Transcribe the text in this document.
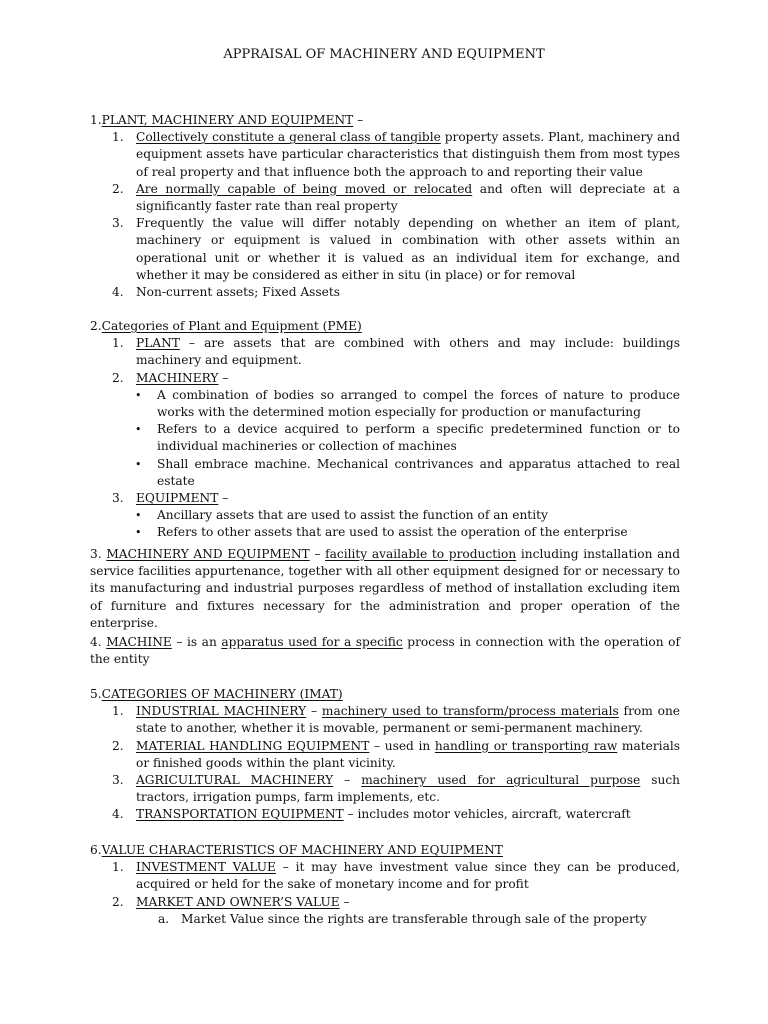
APPRAISAL OF MACHINERY AND EQUIPMENT

1.PLANT, MACHINERY AND EQUIPMENT –

1. Collectively constitute a general class of tangible property assets. Plant, machinery and equipment assets have particular characteristics that distinguish them from most types of real property and that influence both the approach to and reporting their value
2. Are normally capable of being moved or relocated and often will depreciate at a significantly faster rate than real property
3. Frequently the value will differ notably depending on whether an item of plant, machinery or equipment is valued in combination with other assets within an operational unit or whether it is valued as an individual item for exchange, and whether it may be considered as either in situ (in place) or for removal
4. Non-current assets; Fixed Assets

2.Categories of Plant and Equipment (PME)

1. PLANT – are assets that are combined with others and may include: buildings machinery and equipment.
2. MACHINERY –
• A combination of bodies so arranged to compel the forces of nature to produce works with the determined motion especially for production or manufacturing
• Refers to a device acquired to perform a specific predetermined function or to individual machineries or collection of machines
• Shall embrace machine. Mechanical contrivances and apparatus attached to real estate
3. EQUIPMENT –
• Ancillary assets that are used to assist the function of an entity
• Refers to other assets that are used to assist the operation of the enterprise

3. MACHINERY AND EQUIPMENT – facility available to production including installation and service facilities appurtenance, together with all other equipment designed for or necessary to its manufacturing and industrial purposes regardless of method of installation excluding item of furniture and fixtures necessary for the administration and proper operation of the enterprise.

4. MACHINE – is an apparatus used for a specific process in connection with the operation of the entity

5.CATEGORIES OF MACHINERY (IMAT)

1. INDUSTRIAL MACHINERY – machinery used to transform/process materials from one state to another, whether it is movable, permanent or semi-permanent machinery.
2. MATERIAL HANDLING EQUIPMENT – used in handling or transporting raw materials or finished goods within the plant vicinity.
3. AGRICULTURAL MACHINERY – machinery used for agricultural purpose such tractors, irrigation pumps, farm implements, etc.
4. TRANSPORTATION EQUIPMENT – includes motor vehicles, aircraft, watercraft

6.VALUE CHARACTERISTICS OF MACHINERY AND EQUIPMENT

1. INVESTMENT VALUE – it may have investment value since they can be produced, acquired or held for the sake of monetary income and for profit
2. MARKET AND OWNER’S VALUE –
a. Market Value since the rights are transferable through sale of the property
